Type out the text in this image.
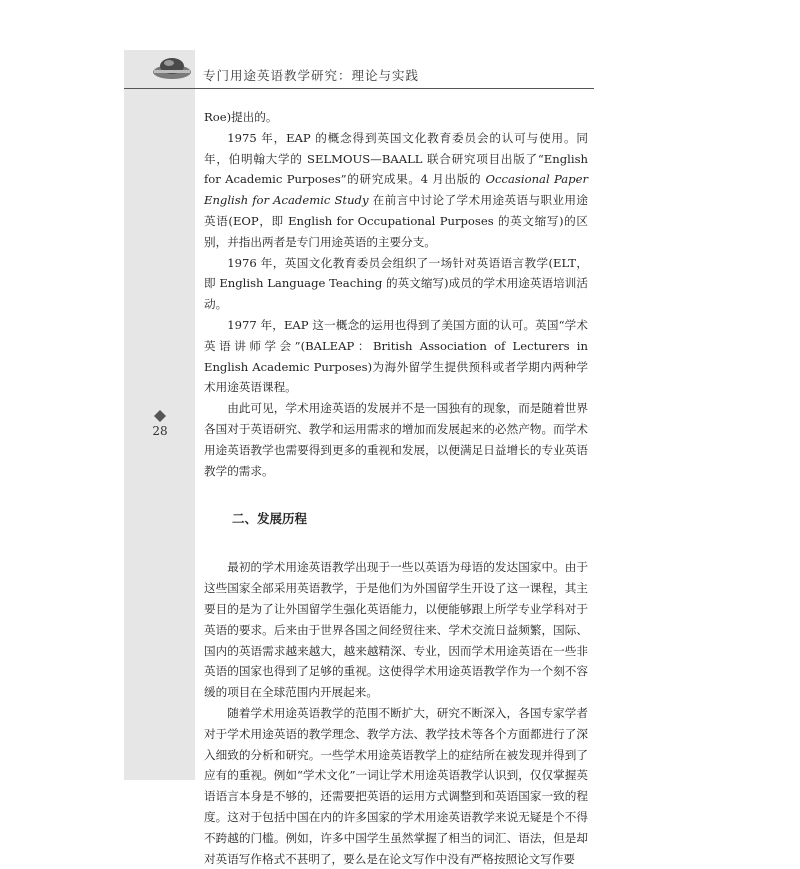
专门用途英语教学研究：理论与实践
28

Roe)提出的。

1975 年，EAP 的概念得到英国文化教育委员会的认可与使用。同年，伯明翰大学的 SELMOUS—BAALL 联合研究项目出版了“English for Academic Purposes”的研究成果。4 月出版的 Occasional Paper English for Academic Study 在前言中讨论了学术用途英语与职业用途英语(EOP，即 English for Occupational Purposes 的英文缩写)的区别，并指出两者是专门用途英语的主要分支。

1976 年，英国文化教育委员会组织了一场针对英语语言教学(ELT，即 English Language Teaching 的英文缩写)成员的学术用途英语培训活动。

1977 年，EAP 这一概念的运用也得到了美国方面的认可。英国“学术英语讲师学会”(BALEAP：British Association of Lecturers in English Academic Purposes)为海外留学生提供预科或者学期内两种学术用途英语课程。

由此可见，学术用途英语的发展并不是一国独有的现象，而是随着世界各国对于英语研究、教学和运用需求的增加而发展起来的必然产物。而学术用途英语教学也需要得到更多的重视和发展，以便满足日益增长的专业英语教学的需求。

二、发展历程

最初的学术用途英语教学出现于一些以英语为母语的发达国家中。由于这些国家全部采用英语教学，于是他们为外国留学生开设了这一课程，其主要目的是为了让外国留学生强化英语能力，以便能够跟上所学专业学科对于英语的要求。后来由于世界各国之间经贸往来、学术交流日益频繁，国际、国内的英语需求越来越大，越来越精深、专业，因而学术用途英语在一些非英语的国家也得到了足够的重视。这使得学术用途英语教学作为一个刻不容缓的项目在全球范围内开展起来。

随着学术用途英语教学的范围不断扩大，研究不断深入，各国专家学者对于学术用途英语的教学理念、教学方法、教学技术等各个方面都进行了深入细致的分析和研究。一些学术用途英语教学上的症结所在被发现并得到了应有的重视。例如“学术文化”一词让学术用途英语教学认识到，仅仅掌握英语语言本身是不够的，还需要把英语的运用方式调整到和英语国家一致的程度。这对于包括中国在内的许多国家的学术用途英语教学来说无疑是个不得不跨越的门槛。例如，许多中国学生虽然掌握了相当的词汇、语法，但是却对英语写作格式不甚明了，要么是在论文写作中没有严格按照论文写作要
